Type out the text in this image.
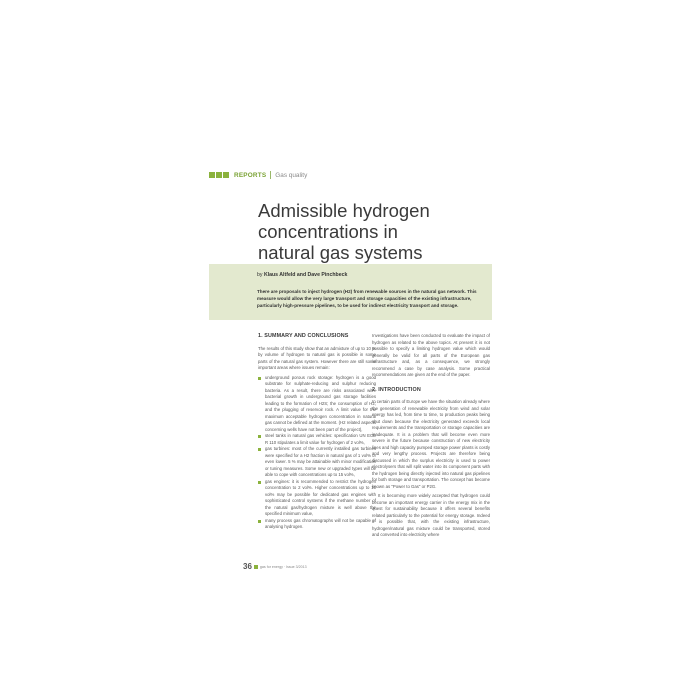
REPORTS Gas quality
Admissible hydrogen
concentrations in
natural gas systems
by Klaus Altfeld and Dave Pinchbeck
There are proposals to inject hydrogen (H2) from renewable sources in the natural gas network. This measure would allow the very large transport and storage capacities of the existing infrastructure, particularly high-pressure pipelines, to be used for indirect electricity transport and storage.
1. SUMMARY AND CONCLUSIONS

The results of this study show that an admixture of up to 10 % by volume of hydrogen to natural gas is possible in some parts of the natural gas system. However there are still some important areas where issues remain:

underground porous rock storage: hydrogen is a good substrate for sulphate-reducing and sulphur reducing bacteria. As a result, there are risks associated with: bacterial growth in underground gas storage facilities leading to the formation of H2S; the consumption of H2; and the plugging of reservoir rock. A limit value for the maximum acceptable hydrogen concentration in natural gas cannot be defined at the moment. (H2 related aspects concerning wells have not been part of the project),

steel tanks in natural gas vehicles: specification UN ECE R 110 stipulates a limit value for hydrogen of 2 vol%,

gas turbines: most of the currently installed gas turbines were specified for a H2 fraction in natural gas of 1 vol% or even lower. 5 % may be attainable with minor modification or tuning measures. Some new or upgraded types will be able to cope with concentrations up to 15 vol%,

gas engines: it is recommended to restrict the hydrogen concentration to 2 vol%. Higher concentrations up to 10 vol% may be possible for dedicated gas engines with sophisticated control systems if the methane number of the natural gas/hydrogen mixture is well above the specified minimum value,

many process gas chromatographs will not be capable of analysing hydrogen.

Investigations have been conducted to evaluate the impact of hydrogen as related to the above topics. At present it is not possible to specify a limiting hydrogen value which would generally be valid for all parts of the European gas infrastructure and, as a consequence, we strongly recommend a case by case analysis. Some practical recommendations are given at the end of the paper.

2. INTRODUCTION

In certain parts of Europe we have the situation already where the generation of renewable electricity from wind and solar energy has led, from time to time, to production peaks being shut down because the electricity generated exceeds local requirements and the transportation or storage capacities are inadequate. It is a problem that will become even more severe in the future because construction of new electricity lines and high capacity pumped storage power plants is costly and very lengthy process. Projects are therefore being discussed in which the surplus electricity is used to power electrolysers that will split water into its component parts with the hydrogen being directly injected into natural gas pipelines for both storage and transportation. The concept has become known as "Power to Gas" or P2G.

It is becoming more widely accepted that hydrogen could become an important energy carrier in the energy mix in the quest for sustainability because it offers several benefits related particularly to the potential for energy storage. Indeed it is possible that, with the existing infrastructure, hydrogen/natural gas mixture could be transported, stored and converted into electricity where

36 gas for energy · Issue 3/2013
